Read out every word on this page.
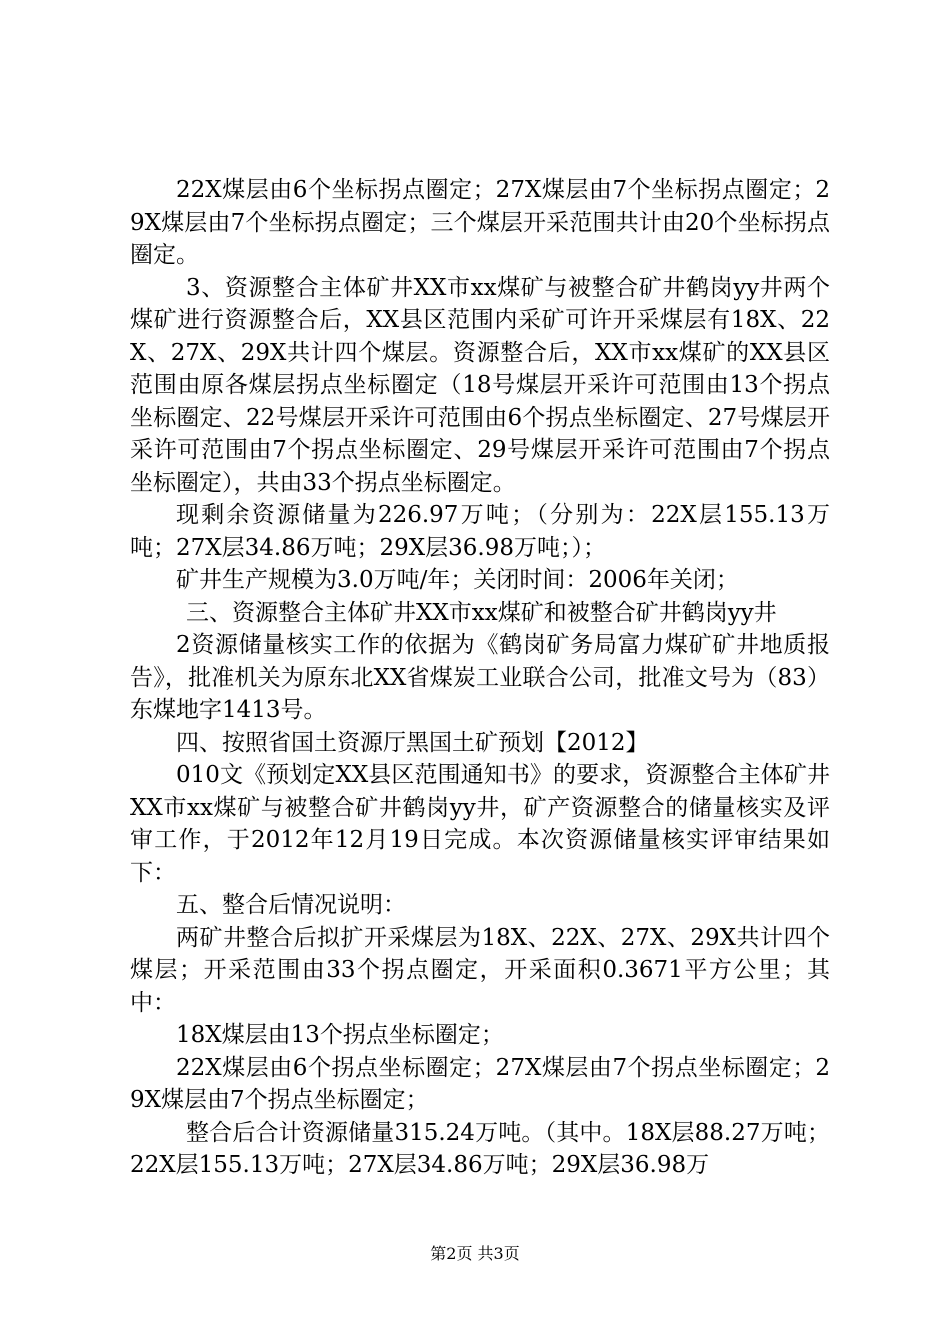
22X煤层由6个坐标拐点圈定；27X煤层由7个坐标拐点圈定；29X煤层由7个坐标拐点圈定；三个煤层开采范围共计由20个坐标拐点圈定。

3、资源整合主体矿井XX市xx煤矿与被整合矿井鹤岗yy井两个煤矿进行资源整合后，XX县区范围内采矿可许开采煤层有18X、22X、27X、29X共计四个煤层。资源整合后，XX市xx煤矿的XX县区范围由原各煤层拐点坐标圈定（18号煤层开采许可范围由13个拐点坐标圈定、22号煤层开采许可范围由6个拐点坐标圈定、27号煤层开采许可范围由7个拐点坐标圈定、29号煤层开采许可范围由7个拐点坐标圈定），共由33个拐点坐标圈定。

现剩余资源储量为226.97万吨；（分别为：22X层155.13万吨；27X层34.86万吨；29X层36.98万吨；）；

矿井生产规模为3.0万吨/年；关闭时间：2006年关闭；

三、资源整合主体矿井XX市xx煤矿和被整合矿井鹤岗yy井

2资源储量核实工作的依据为《鹤岗矿务局富力煤矿矿井地质报告》，批准机关为原东北XX省煤炭工业联合公司，批准文号为（83）东煤地字1413号。

四、按照省国土资源厅黑国土矿预划【2012】

010文《预划定XX县区范围通知书》的要求，资源整合主体矿井XX市xx煤矿与被整合矿井鹤岗yy井，矿产资源整合的储量核实及评审工作，于2012年12月19日完成。本次资源储量核实评审结果如下：

五、整合后情况说明：

两矿井整合后拟扩开采煤层为18X、22X、27X、29X共计四个煤层；开采范围由33个拐点圈定，开采面积0.3671平方公里；其中：

18X煤层由13个拐点坐标圈定；

22X煤层由6个拐点坐标圈定；27X煤层由7个拐点坐标圈定；29X煤层由7个拐点坐标圈定；

整合后合计资源储量315.24万吨。（其中。18X层88.27万吨；22X层155.13万吨；27X层34.86万吨；29X层36.98万

第2页 共3页
